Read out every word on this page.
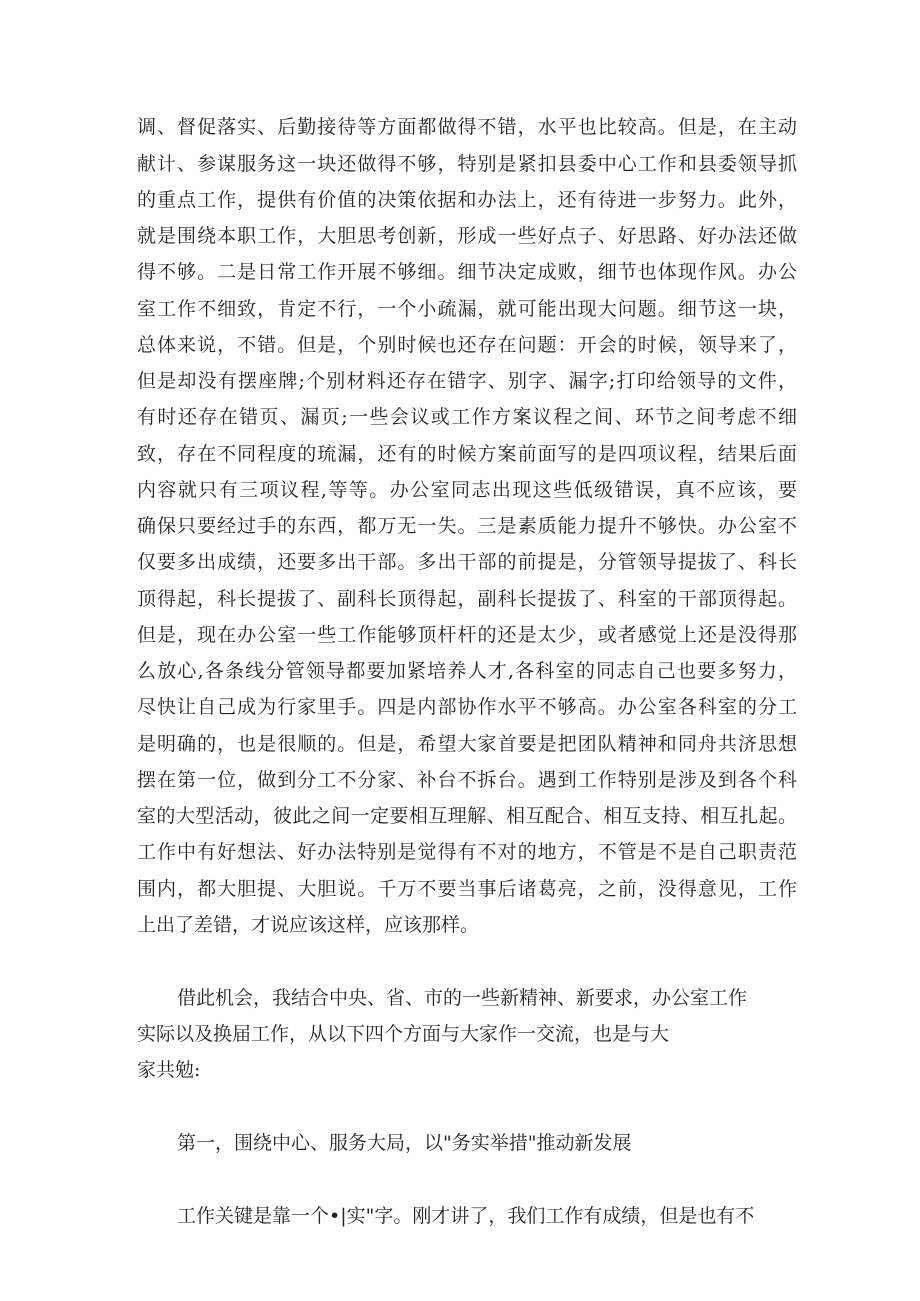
调、督促落实、后勤接待等方面都做得不错，水平也比较高。但是，在主动
献计、参谋服务这一块还做得不够，特别是紧扣县委中心工作和县委领导抓
的重点工作，提供有价值的决策依据和办法上，还有待进一步努力。此外，
就是围绕本职工作，大胆思考创新，形成一些好点子、好思路、好办法还做
得不够。二是日常工作开展不够细。细节决定成败，细节也体现作风。办公
室工作不细致，肯定不行，一个小疏漏，就可能出现大问题。细节这一块，
总体来说，不错。但是，个别时候也还存在问题：开会的时候，领导来了，
但是却没有摆座牌;个别材料还存在错字、别字、漏字;打印给领导的文件，
有时还存在错页、漏页;一些会议或工作方案议程之间、环节之间考虑不细
致，存在不同程度的琉漏，还有的时候方案前面写的是四项议程，结果后面
内容就只有三项议程,等等。办公室同志出现这些低级错误，真不应该，要
确保只要经过手的东西，都万无一失。三是素质能力提升不够快。办公室不
仅要多出成绩，还要多出干部。多出干部的前提是，分管领导提拔了、科长
顶得起，科长提拔了、副科长顶得起，副科长提拔了、科室的干部顶得起。
但是，现在办公室一些工作能够顶杆杆的还是太少，或者感觉上还是没得那
么放心,各条线分管领导都要加紧培养人才,各科室的同志自己也要多努力，
尽快让自己成为行家里手。四是内部协作水平不够高。办公室各科室的分工
是明确的，也是很顺的。但是，希望大家首要是把团队精神和同舟共济思想
摆在第一位，做到分工不分家、补台不拆台。遇到工作特别是涉及到各个科
室的大型活动，彼此之间一定要相互理解、相互配合、相互支持、相互扎起。
工作中有好想法、好办法特别是觉得有不对的地方，不管是不是自己职责范
围内，都大胆提、大胆说。千万不要当事后诸葛亮，之前，没得意见，工作
上出了差错，才说应该这样，应该那样。
借此机会，我结合中央、省、市的一些新精神、新要求，办公室工作
实际以及换届工作，从以下四个方面与大家作一交流，也是与大
家共勉:
第一，围绕中心、服务大局，以"务实举措"推动新发展
工作关键是靠一个•|实"字。刚才讲了，我们工作有成绩，但是也有不
